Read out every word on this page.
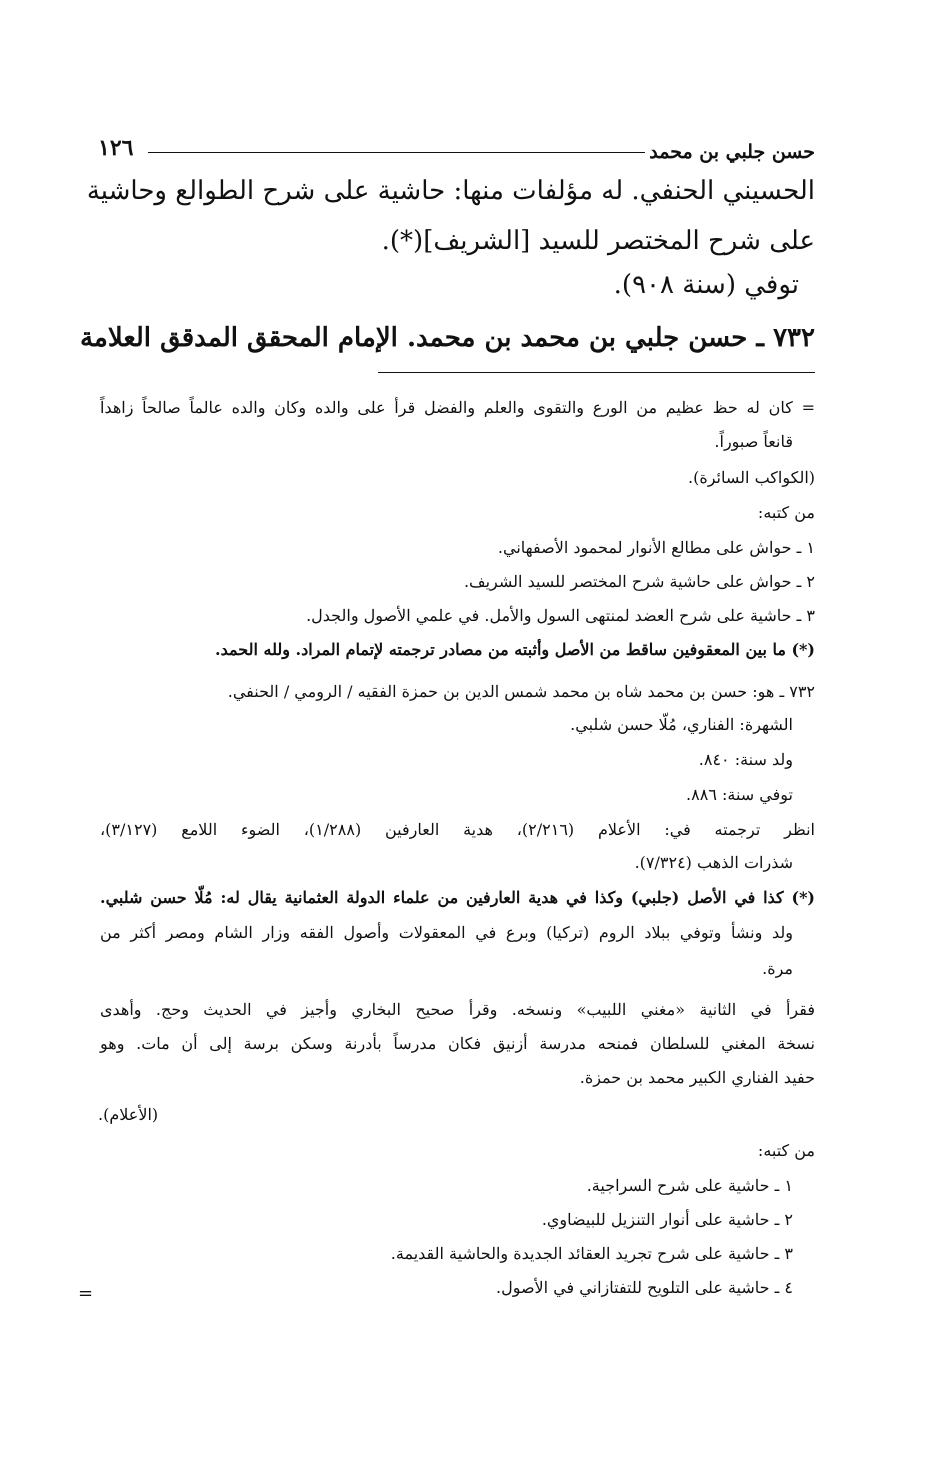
حسن جلبي بن محمد
١٢٦
الحسيني الحنفي. له مؤلفات منها: حاشية على شرح الطوالع وحاشية
على شرح المختصر للسيد [الشريف](*).
توفي (سنة ٩٠٨).
٧٣٢ ـ حسن جلبي بن محمد بن محمد. الإمام المحقق المدقق العلامة
= كان له حظ عظيم من الورع والتقوى والعلم والفضل قرأ على والده وكان والده عالماً صالحاً زاهداً
قانعاً صبوراً.
(الكواكب السائرة).
من كتبه:
١ ـ حواش على مطالع الأنوار لمحمود الأصفهاني.
٢ ـ حواش على حاشية شرح المختصر للسيد الشريف.
٣ ـ حاشية على شرح العضد لمنتهى السول والأمل. في علمي الأصول والجدل.
(*) ما بين المعقوفين ساقط من الأصل وأثبته من مصادر ترجمته لإتمام المراد. ولله الحمد.
٧٣٢ ـ هو: حسن بن محمد شاه بن محمد شمس الدين بن حمزة الفقيه / الرومي / الحنفي.
الشهرة: الفناري، مُلّا حسن شلبي.
ولد سنة: ٨٤٠.
توفي سنة: ٨٨٦.
انظر ترجمته في: الأعلام (٢/٢١٦)، هدية العارفين (١/٢٨٨)، الضوء اللامع (٣/١٢٧)،
شذرات الذهب (٧/٣٢٤).
(*) كذا في الأصل (جلبي) وكذا في هدية العارفين من علماء الدولة العثمانية يقال له: مُلّا حسن شلبي.
ولد ونشأ وتوفي ببلاد الروم (تركيا) وبرع في المعقولات وأصول الفقه وزار الشام ومصر أكثر من
مرة.
فقرأ في الثانية «مغني اللبيب» ونسخه. وقرأ صحيح البخاري وأجيز في الحديث وحج. وأهدى
نسخة المغني للسلطان فمنحه مدرسة أزنيق فكان مدرساً بأدرنة وسكن برسة إلى أن مات. وهو
حفيد الفناري الكبير محمد بن حمزة.
(الأعلام).
من كتبه:
١ ـ حاشية على شرح السراجية.
٢ ـ حاشية على أنوار التنزيل للبيضاوي.
٣ ـ حاشية على شرح تجريد العقائد الجديدة والحاشية القديمة.
٤ ـ حاشية على التلويح للتفتازاني في الأصول.
=
